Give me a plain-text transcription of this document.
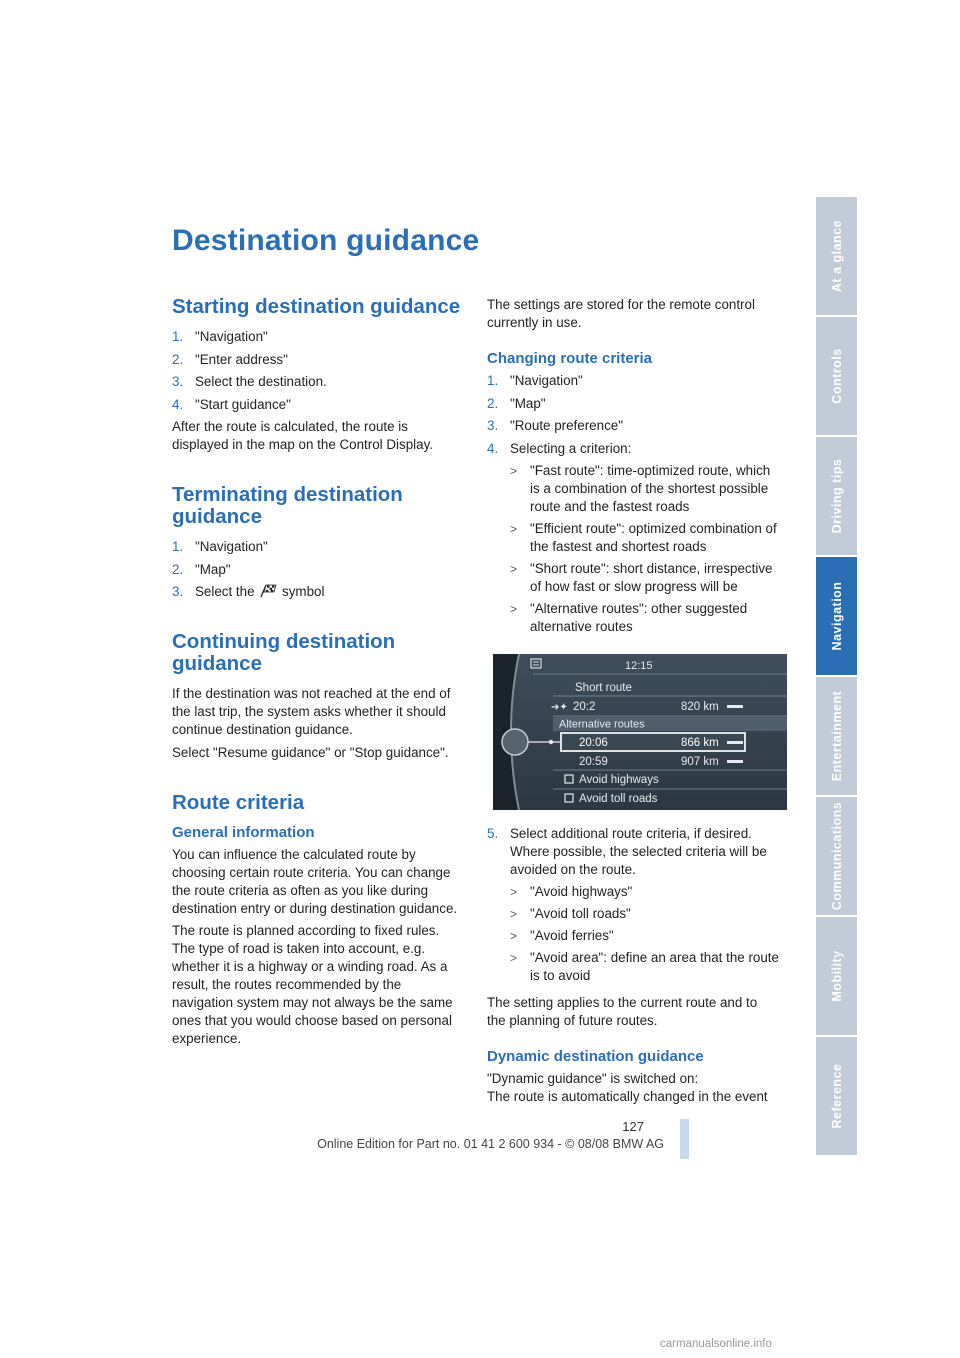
Destination guidance
Starting destination guidance
1. "Navigation"
2. "Enter address"
3. Select the destination.
4. "Start guidance"

After the route is calculated, the route is displayed in the map on the Control Display.

Terminating destination guidance
1. "Navigation"
2. "Map"
3. Select the symbol
Continuing destination guidance

If the destination was not reached at the end of the last trip, the system asks whether it should continue destination guidance.

Select "Resume guidance" or "Stop guidance".

Route criteria
General information

You can influence the calculated route by choosing certain route criteria. You can change the route criteria as often as you like during destination entry or during destination guidance.

The route is planned according to fixed rules. The type of road is taken into account, e.g. whether it is a highway or a winding road. As a result, the routes recommended by the navigation system may not always be the same ones that you would choose based on personal experience.

The settings are stored for the remote control currently in use.

Changing route criteria
1. "Navigation"
2. "Map"
3. "Route preference"
4. Selecting a criterion:
> "Fast route": time-optimized route, which is a combination of the shortest possible route and the fastest roads
> "Efficient route": optimized combination of the fastest and shortest roads
> "Short route": short distance, irrespective of how fast or slow progress will be
> "Alternative routes": other suggested alternative routes
12:15
Short route
➔✦ 20:2	820 km
Alternative routes
20:06	866 km
20:59	907 km
Avoid highways
Avoid toll roads
5. Select additional route criteria, if desired. Where possible, the selected criteria will be avoided on the route.
> "Avoid highways"
> "Avoid toll roads"
> "Avoid ferries"
> "Avoid area": define an area that the route is to avoid

The setting applies to the current route and to the planning of future routes.

Dynamic destination guidance

"Dynamic guidance" is switched on:
The route is automatically changed in the event

At a glance
Controls
Driving tips
Navigation
Entertainment
Communications
Mobility
Reference
127
Online Edition for Part no. 01 41 2 600 934 - © 08/08 BMW AG
carmanualsonline.info
